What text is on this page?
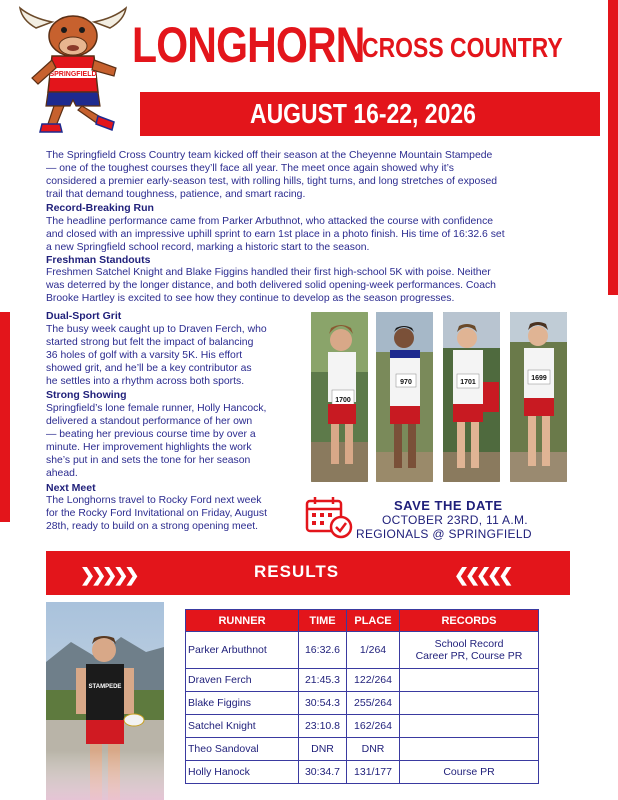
SPRINGFIELD
LONGHORN
CROSS COUNTRY
AUGUST 16-22, 2026
The Springfield Cross Country team kicked off their season at the Cheyenne Mountain Stampede
— one of the toughest courses they’ll face all year. The meet once again showed why it’s
considered a premier early-season test, with rolling hills, tight turns, and long stretches of exposed
trail that demand toughness, patience, and smart racing.
Record-Breaking Run
The headline performance came from Parker Arbuthnot, who attacked the course with confidence
and closed with an impressive uphill sprint to earn 1st place in a photo finish. His time of 16:32.6 set
a new Springfield school record, marking a historic start to the season.
Freshman Standouts
Freshmen Satchel Knight and Blake Figgins handled their first high-school 5K with poise. Neither
was deterred by the longer distance, and both delivered solid opening-week performances. Coach
Brooke Hartley is excited to see how they continue to develop as the season progresses.
Dual-Sport Grit
The busy week caught up to Draven Ferch, who
started strong but felt the impact of balancing
36 holes of golf with a varsity 5K. His effort
showed grit, and he’ll be a key contributor as
he settles into a rhythm across both sports.
Strong Showing
Springfield’s lone female runner, Holly Hancock,
delivered a standout performance of her own
— beating her previous course time by over a
minute. Her improvement highlights the work
she’s put in and sets the tone for her season
ahead.
Next Meet
The Longhorns travel to Rocky Ford next week
for the Rocky Ford Invitational on Friday, August
28th, ready to build on a strong opening meet.
1700
970	1701
1699
SAVE THE DATE
OCTOBER 23RD, 11 A.M.
REGIONALS @ SPRINGFIELD
❯❯❯❯❯	RESULTS	❮❮❮❮❮
RUNNER	TIME	PLACE	RECORDS
Parker Arbuthnot	16:32.6	1/264	School Record
Career PR, Course PR

Draven Ferch	21:45.3	122/264	
Blake Figgins	30:54.3	255/264	
Satchel Knight	23:10.8	162/264	
Theo Sandoval	DNR	DNR	
Holly Hanock	30:34.7	131/177	Course PR
